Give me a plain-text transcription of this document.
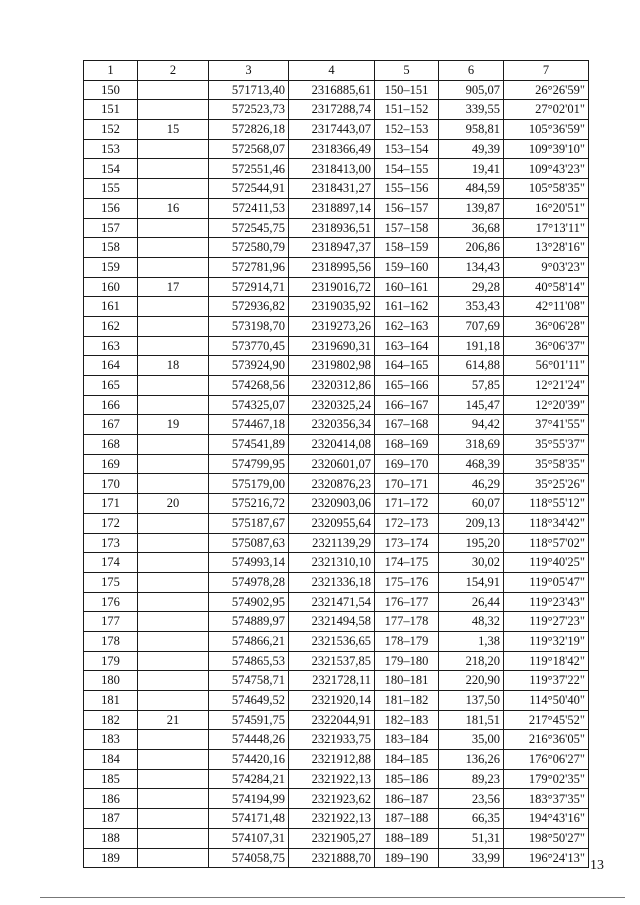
1	2	3	4	5	6	7
150		571713,40	2316885,61	150–151	905,07	26°26'59"
151		572523,73	2317288,74	151–152	339,55	27°02'01"
152	15	572826,18	2317443,07	152–153	958,81	105°36'59"
153		572568,07	2318366,49	153–154	49,39	109°39'10"
154		572551,46	2318413,00	154–155	19,41	109°43'23"
155		572544,91	2318431,27	155–156	484,59	105°58'35"
156	16	572411,53	2318897,14	156–157	139,87	16°20'51"
157		572545,75	2318936,51	157–158	36,68	17°13'11"
158		572580,79	2318947,37	158–159	206,86	13°28'16"
159		572781,96	2318995,56	159–160	134,43	9°03'23"
160	17	572914,71	2319016,72	160–161	29,28	40°58'14"
161		572936,82	2319035,92	161–162	353,43	42°11'08"
162		573198,70	2319273,26	162–163	707,69	36°06'28"
163		573770,45	2319690,31	163–164	191,18	36°06'37"
164	18	573924,90	2319802,98	164–165	614,88	56°01'11"
165		574268,56	2320312,86	165–166	57,85	12°21'24"
166		574325,07	2320325,24	166–167	145,47	12°20'39"
167	19	574467,18	2320356,34	167–168	94,42	37°41'55"
168		574541,89	2320414,08	168–169	318,69	35°55'37"
169		574799,95	2320601,07	169–170	468,39	35°58'35"
170		575179,00	2320876,23	170–171	46,29	35°25'26"
171	20	575216,72	2320903,06	171–172	60,07	118°55'12"
172		575187,67	2320955,64	172–173	209,13	118°34'42"
173		575087,63	2321139,29	173–174	195,20	118°57'02"
174		574993,14	2321310,10	174–175	30,02	119°40'25"
175		574978,28	2321336,18	175–176	154,91	119°05'47"
176		574902,95	2321471,54	176–177	26,44	119°23'43"
177		574889,97	2321494,58	177–178	48,32	119°27'23"
178		574866,21	2321536,65	178–179	1,38	119°32'19"
179		574865,53	2321537,85	179–180	218,20	119°18'42"
180		574758,71	2321728,11	180–181	220,90	119°37'22"
181		574649,52	2321920,14	181–182	137,50	114°50'40"
182	21	574591,75	2322044,91	182–183	181,51	217°45'52"
183		574448,26	2321933,75	183–184	35,00	216°36'05"
184		574420,16	2321912,88	184–185	136,26	176°06'27"
185		574284,21	2321922,13	185–186	89,23	179°02'35"
186		574194,99	2321923,62	186–187	23,56	183°37'35"
187		574171,48	2321922,13	187–188	66,35	194°43'16"
188		574107,31	2321905,27	188–189	51,31	198°50'27"
189		574058,75	2321888,70	189–190	33,99	196°24'13"
13
